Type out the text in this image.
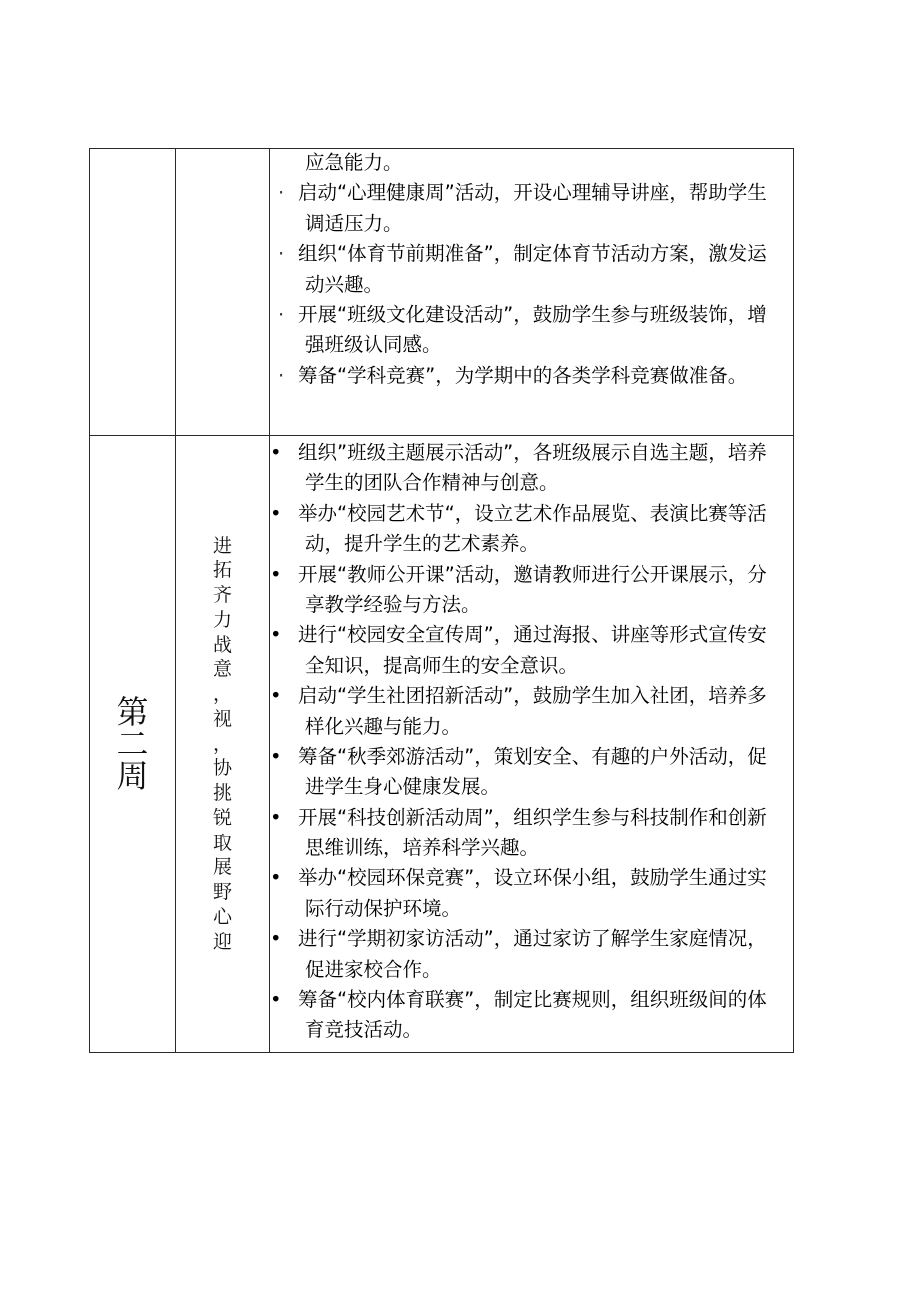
应急能力。
· 启动“心理健康周”活动，开设心理辅导讲座，帮助学生
调适压力。
· 组织“体育节前期准备”，制定体育节活动方案，激发运
动兴趣。
· 开展“班级文化建设活动”，鼓励学生参与班级装饰，增
强班级认同感。
· 筹备“学科竞赛”，为学期中的各类学科竞赛做准备。
第二周
进拓齐力战意，视，协挑锐取展野心迎
• 组织”班级主题展示活动”，各班级展示自选主题，培养
学生的团队合作精神与创意。
• 举办“校园艺术节“，设立艺术作品展览、表演比赛等活
动，提升学生的艺术素养。
• 开展“教师公开课”活动，邀请教师进行公开课展示，分
享教学经验与方法。
• 进行“校园安全宣传周”，通过海报、讲座等形式宣传安
全知识，提高师生的安全意识。
• 启动“学生社团招新活动”，鼓励学生加入社团，培养多
样化兴趣与能力。
• 筹备“秋季郊游活动”，策划安全、有趣的户外活动，促
进学生身心健康发展。
• 开展“科技创新活动周”，组织学生参与科技制作和创新
思维训练，培养科学兴趣。
• 举办“校园环保竞赛”，设立环保小组，鼓励学生通过实
际行动保护环境。
• 进行“学期初家访活动”，通过家访了解学生家庭情况，
促进家校合作。
• 筹备“校内体育联赛”，制定比赛规则，组织班级间的体
育竞技活动。
